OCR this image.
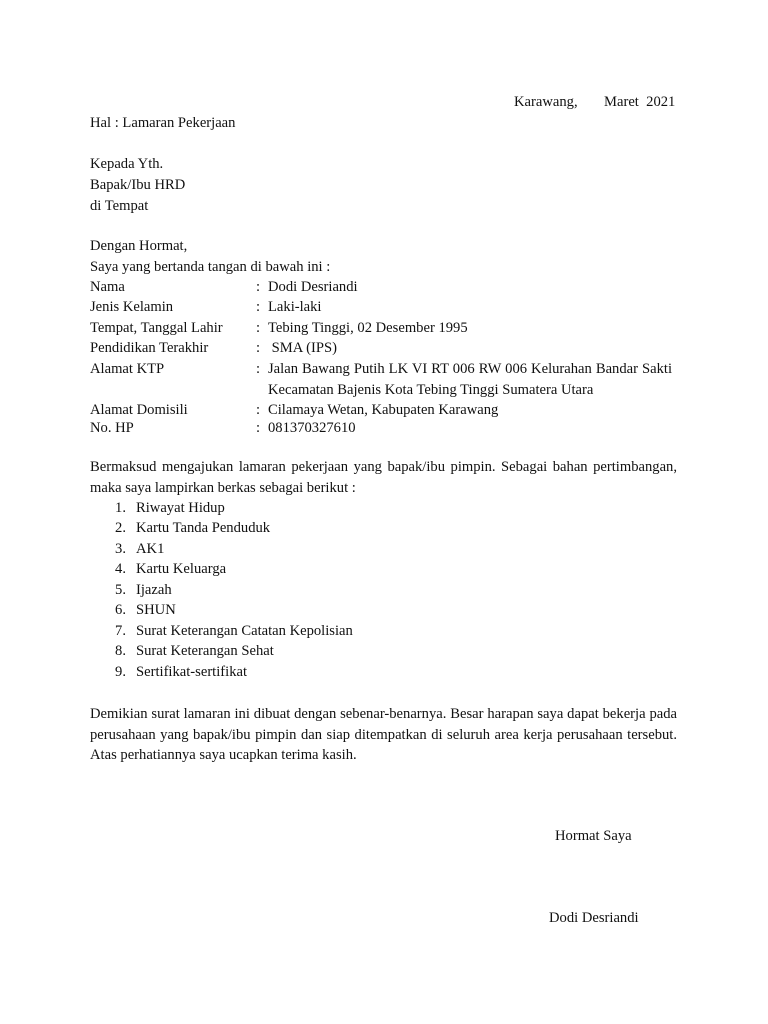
Karawang, Maret  2021
Hal : Lamaran Pekerjaan
Kepada Yth.
Bapak/Ibu HRD
di Tempat
Dengan Hormat,
Saya yang bertanda tangan di bawah ini :
Nama	: Dodi Desriandi
Jenis Kelamin	: Laki-laki
Tempat, Tanggal Lahir : Tebing Tinggi, 02 Desember 1995
Pendidikan Terakhir	: SMA (IPS)
Alamat KTP	: Jalan Bawang Putih LK VI RT 006 RW 006 Kelurahan Bandar Sakti Kecamatan Bajenis Kota Tebing Tinggi Sumatera Utara
Alamat Domisili	: Cilamaya Wetan, Kabupaten Karawang
No. HP	: 081370327610
Bermaksud mengajukan lamaran pekerjaan yang bapak/ibu pimpin. Sebagai bahan pertimbangan, maka saya lampirkan berkas sebagai berikut :
1. Riwayat Hidup
2. Kartu Tanda Penduduk
3. AK1
4. Kartu Keluarga
5. Ijazah
6. SHUN
7. Surat Keterangan Catatan Kepolisian
8. Surat Keterangan Sehat
9. Sertifikat-sertifikat
Demikian surat lamaran ini dibuat dengan sebenar-benarnya. Besar harapan saya dapat bekerja pada perusahaan yang bapak/ibu pimpin dan siap ditempatkan di seluruh area kerja perusahaan tersebut. Atas perhatiannya saya ucapkan terima kasih.
Hormat Saya
Dodi Desriandi
